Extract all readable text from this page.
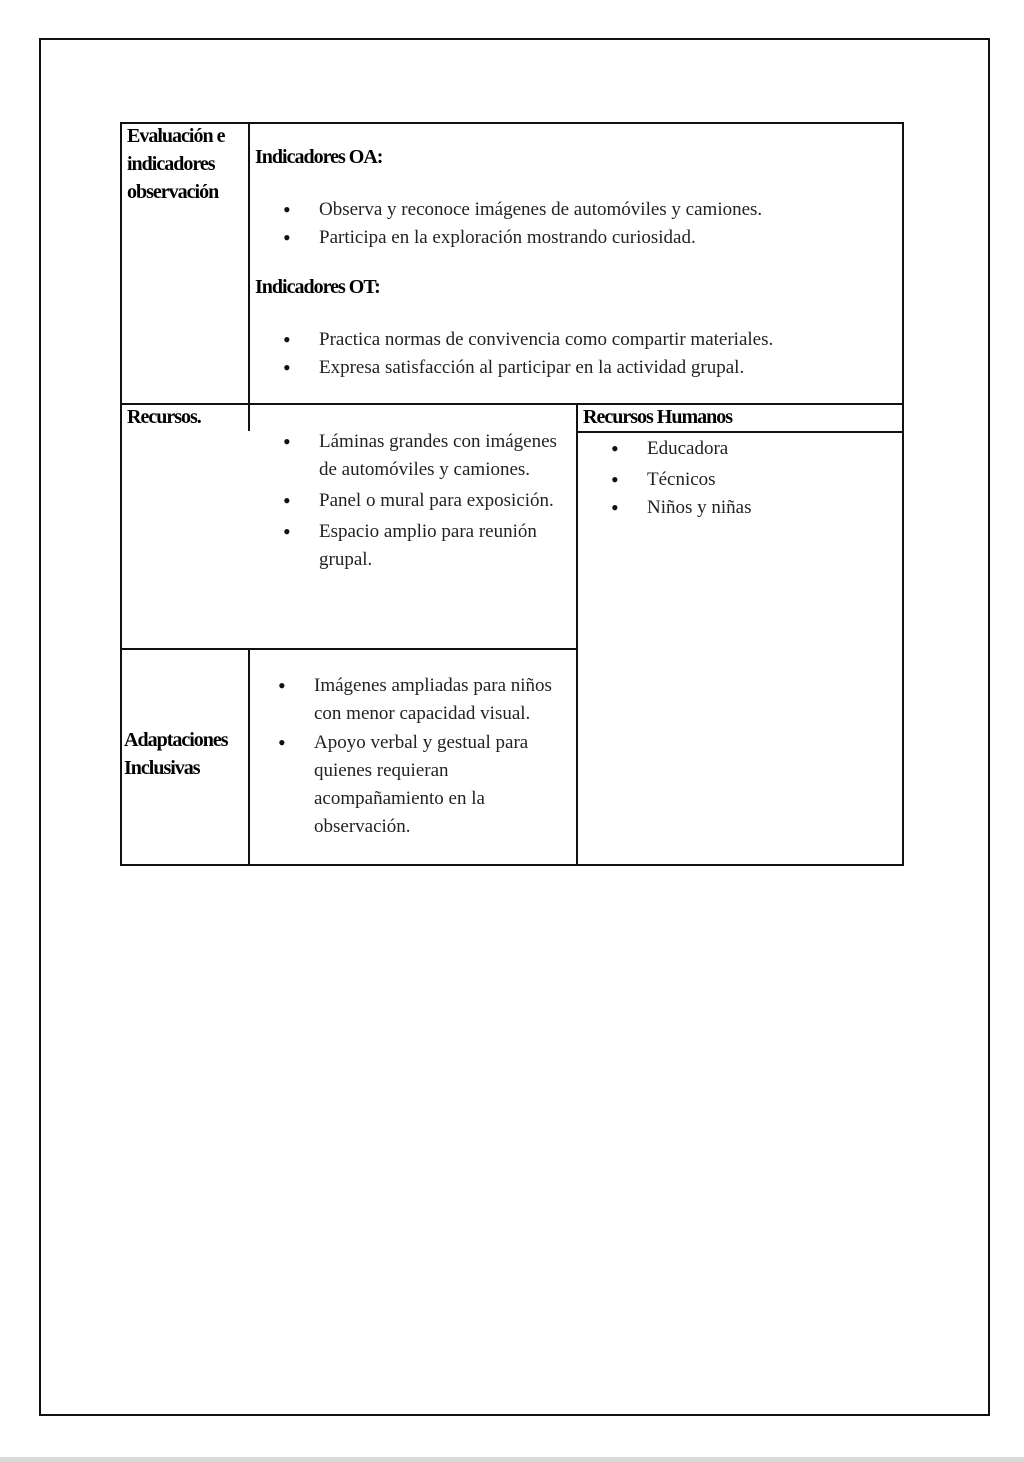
Evaluación e
indicadores
observación
Indicadores OA:
• Observa y reconoce imágenes de automóviles y camiones.
• Participa en la exploración mostrando curiosidad.
Indicadores OT:
• Practica normas de convivencia como compartir materiales.
• Expresa satisfacción al participar en la actividad grupal.
Recursos.
• Láminas grandes con imágenes de automóviles y camiones.
• Panel o mural para exposición.
• Espacio amplio para reunión grupal.
Recursos Humanos
• Educadora
• Técnicos
• Niños y niñas
Adaptaciones
Inclusivas
• Imágenes ampliadas para niños con menor capacidad visual.
• Apoyo verbal y gestual para quienes requieran acompañamiento en la observación.
